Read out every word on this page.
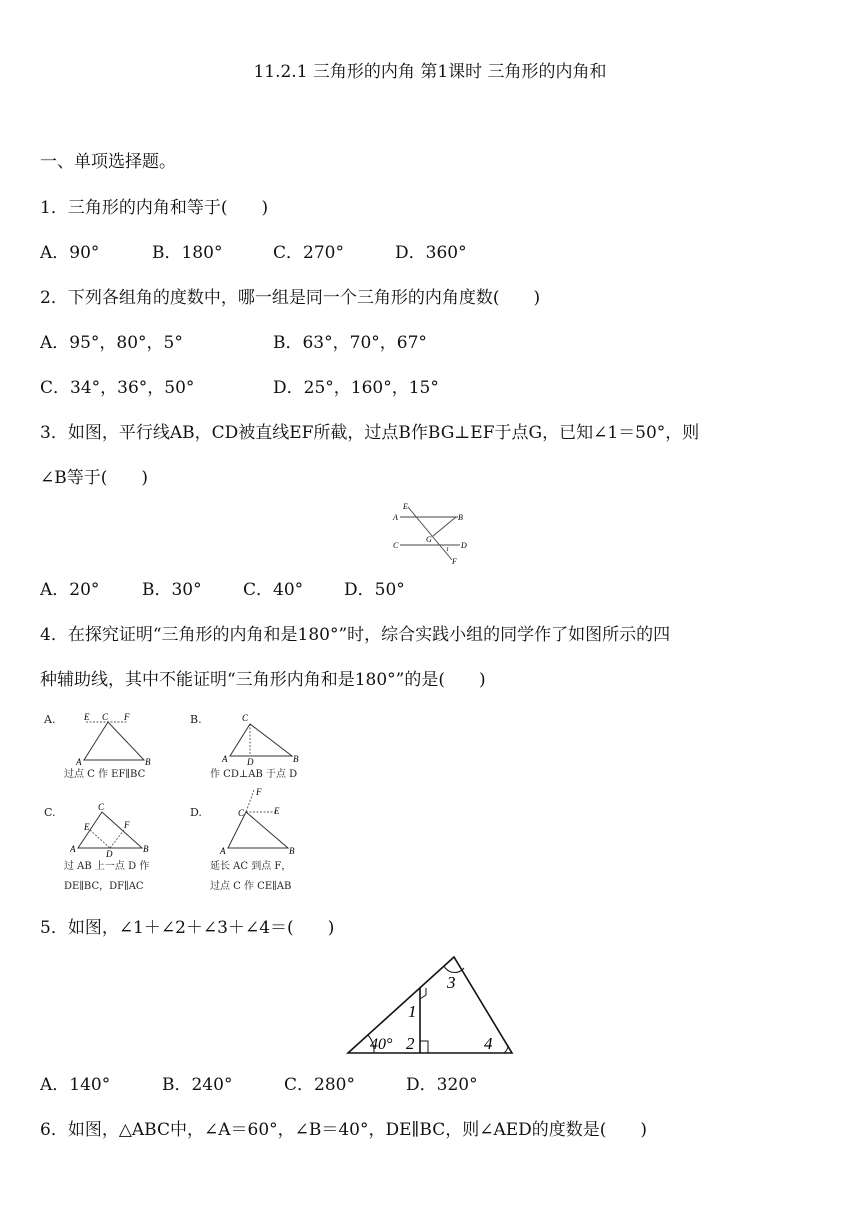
11.2.1 三角形的内角 第1课时 三角形的内角和
一、单项选择题。
1．三角形的内角和等于(　　)
A．90°	B．180°	C．270°	D．360°
2．下列各组角的度数中，哪一组是同一个三角形的内角度数(　　)
A．95°，80°，5°	B．63°，70°，67°
C．34°，36°，50°	D．25°，160°，15°
3．如图，平行线AB，CD被直线EF所截，过点B作BG⊥EF于点G，已知∠1＝50°，则
∠B等于(　　)
E
A	B
C
G
1 D
F
A．20°	B．30° C．40° D．50°
4．在探究证明“三角形的内角和是180°”时，综合实践小组的同学作了如图所示的四
种辅助线，其中不能证明“三角形内角和是180°”的是(　　)
A.	E C F
A	B
过点 C 作 EF∥BC
B.	C
A D	B
作 CD⊥AB 于点 D
C.	C
E	F
A	D	B
过 AB 上一点 D 作
DE∥BC，DF∥AC
D.
F
C	E
A	B
延长 AC 到点 F，
过点 C 作 CE∥AB
5．如图，∠1＋∠2＋∠3＋∠4＝(　　)
3
1
40° 2	4
A．140°	B．240°	C．280°	D．320°
6．如图，△ABC中，∠A＝60°，∠B＝40°，DE∥BC，则∠AED的度数是(　　)
